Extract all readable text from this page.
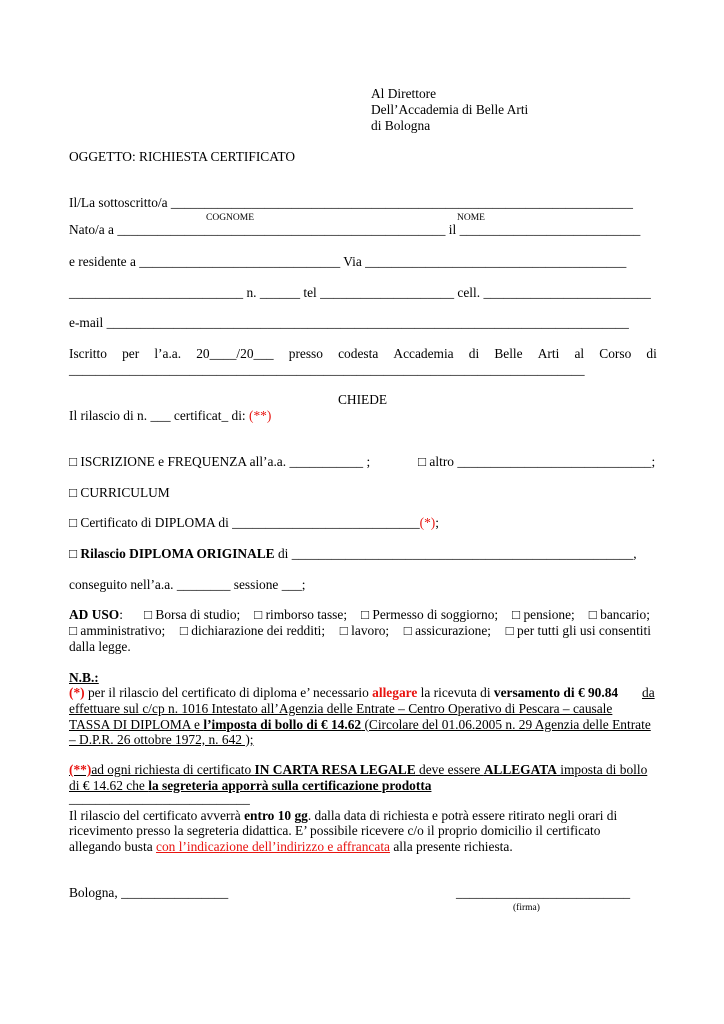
Al Direttore
Dell’Accademia di Belle Arti
di Bologna
OGGETTO: RICHIESTA CERTIFICATO
Il/La sottoscritto/a _____________________________________________________________________
COGNOME	NOME
Nato/a a _________________________________________________ il ___________________________
e residente a ______________________________ Via _______________________________________
__________________________ n. ______ tel ____________________ cell. _________________________
e-mail ______________________________________________________________________________
Iscritto per l’a.a. 20____/20___ presso codesta Accademia di Belle Arti al Corso di
_____________________________________________________________________________
CHIEDE
Il rilascio di n. ___ certificat_ di: (**)
□ ISCRIZIONE e FREQUENZA all’a.a. ___________ ;	□ altro _____________________________;
□ CURRICULUM
□ Certificato di DIPLOMA di ____________________________(*);
□ Rilascio DIPLOMA ORIGINALE di ___________________________________________________,
conseguito nell’a.a. ________ sessione ___;
AD USO:	□ Borsa di studio; □ rimborso tasse; □ Permesso di soggiorno; □ pensione; □ bancario;
□ amministrativo; □ dichiarazione dei redditi; □ lavoro; □ assicurazione; □ per tutti gli usi consentiti
dalla legge.
N.B.:
(*) per il rilascio del certificato di diploma e’ necessario allegare la ricevuta di versamento di € 90.84	da
effettuare sul c/cp n. 1016 Intestato all’Agenzia delle Entrate – Centro Operativo di Pescara – causale
TASSA DI DIPLOMA e l’imposta di bollo di € 14.62 (Circolare del 01.06.2005 n. 29 Agenzia delle Entrate
– D.P.R. 26 ottobre 1972, n. 642 );
(**)ad ogni richiesta di certificato IN CARTA RESA LEGALE deve essere ALLEGATA imposta di bollo
di € 14.62 che la segreteria apporrà sulla certificazione prodotta
___________________________
Il rilascio del certificato avverrà entro 10 gg. dalla data di richiesta e potrà essere ritirato negli orari di
ricevimento presso la segreteria didattica. E’ possibile ricevere c/o il proprio domicilio il certificato
allegando busta con l’indicazione dell’indirizzo e affrancata alla presente richiesta.
Bologna, ________________	__________________________
(firma)
